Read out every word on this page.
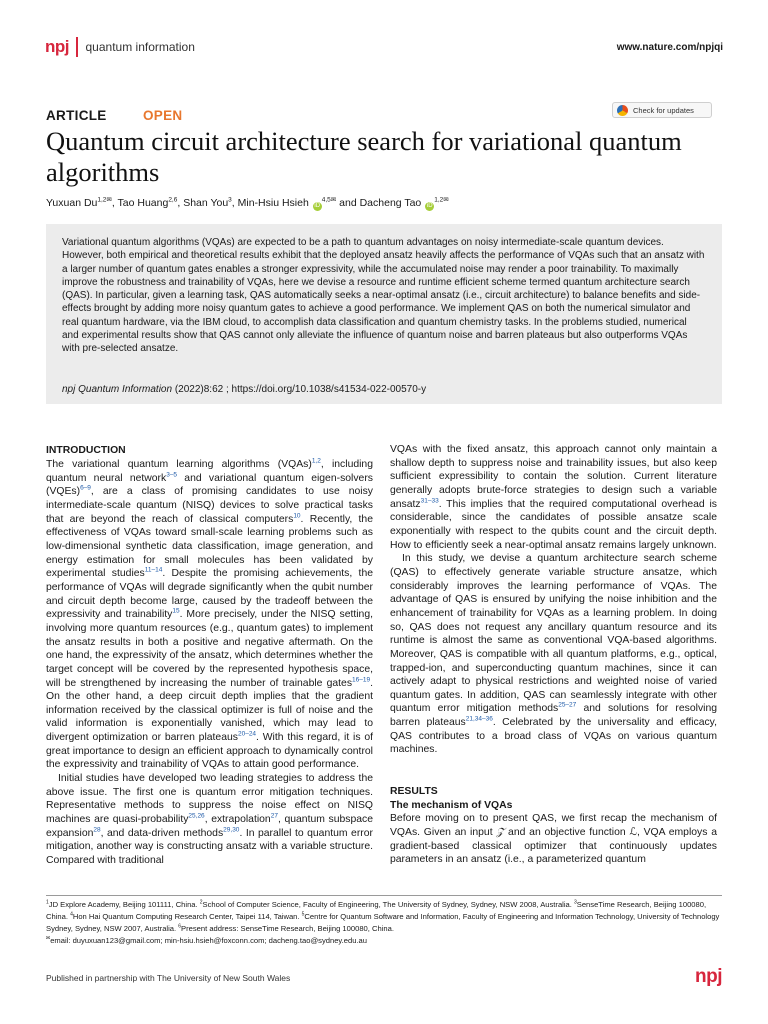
npj quantum information	www.nature.com/npjqi
ARTICLE	OPEN	Check for updates
Quantum circuit architecture search for variational quantum algorithms
Yuxuan $Du^{1,2✉}$, Tao Huang$^{2,6}$, Shan You$^3$, Min-Hsiu Hsieh $iD^{4,5✉}$ and Dacheng Tao $iD^{1,2✉}$
Variational quantum algorithms (VQAs) are expected to be a path to quantum advantages on noisy intermediate-scale quantum devices. However, both empirical and theoretical results exhibit that the deployed ansatz heavily affects the performance of VQAs such that an ansatz with a larger number of quantum gates enables a stronger expressivity, while the accumulated noise may render a poor trainability. To maximally improve the robustness and trainability of VQAs, here we devise a resource and runtime efficient scheme termed quantum architecture search (QAS). In particular, given a learning task, QAS automatically seeks a near-optimal ansatz (i.e., circuit architecture) to balance benefits and side-effects brought by adding more noisy quantum gates to achieve a good performance. We implement QAS on both the numerical simulator and real quantum hardware, via the IBM cloud, to accomplish data classification and quantum chemistry tasks. In the problems studied, numerical and experimental results show that QAS cannot only alleviate the influence of quantum noise and barren plateaus but also outperforms VQAs with pre-selected ansatze.
npj Quantum Information (2022)8:62 ; https://doi.org/10.1038/s41534-022-00570-y
INTRODUCTION

The variational quantum learning algorithms (VQAs)$^{1,2}$, including quantum neural network$^{3-5}$ and variational quantum eigen-solvers (VQEs)$^{6-9}$, are a class of promising candidates to use noisy intermediate-scale quantum (NISQ) devices to solve practical tasks that are beyond the reach of classical computers$^{10}$. Recently, the effectiveness of VQAs toward small-scale learning problems such as low-dimensional synthetic data classification, image generation, and energy estimation for small molecules has been validated by experimental studies$^{11-14}$. Despite the promising achievements, the performance of VQAs will degrade significantly when the qubit number and circuit depth become large, caused by the tradeoff between the expressivity and trainability$^{15}$. More precisely, under the NISQ setting, involving more quantum resources (e.g., quantum gates) to implement the ansatz results in both a positive and negative aftermath. On the one hand, the expressivity of the ansatz, which determines whether the target concept will be covered by the represented hypothesis space, will be strengthened by increasing the number of trainable gates$^{16-19}$. On the other hand, a deep circuit depth implies that the gradient information received by the classical optimizer is full of noise and the valid information is exponentially vanished, which may lead to divergent optimization or barren plateaus$^{20-24}$. With this regard, it is of great importance to design an efficient approach to dynamically control the expressivity and trainability of VQAs to attain good performance.

Initial studies have developed two leading strategies to address the above issue. The first one is quantum error mitigation techniques. Representative methods to suppress the noise effect on NISQ machines are quasi-probability$^{25,26}$, extrapolation$^{27}$, quantum subspace expansion$^{28}$, and data-driven methods$^{29,30}$. In parallel to quantum error mitigation, another way is constructing ansatz with a variable structure. Compared with traditional

VQAs with the fixed ansatz, this approach cannot only maintain a shallow depth to suppress noise and trainability issues, but also keep sufficient expressibility to contain the solution. Current literature generally adopts brute-force strategies to design such a variable ansatz$^{31-33}$. This implies that the required computational overhead is considerable, since the candidates of possible ansatze scale exponentially with respect to the qubits count and the circuit depth. How to efficiently seek a near-optimal ansatz remains largely unknown.

In this study, we devise a quantum architecture search scheme (QAS) to effectively generate variable structure ansatze, which considerably improves the learning performance of VQAs. The advantage of QAS is ensured by unifying the noise inhibition and the enhancement of trainability for VQAs as a learning problem. In doing so, QAS does not request any ancillary quantum resource and its runtime is almost the same as conventional VQA-based algorithms. Moreover, QAS is compatible with all quantum platforms, e.g., optical, trapped-ion, and superconducting quantum machines, since it can actively adapt to physical restrictions and weighted noise of varied quantum gates. In addition, QAS can seamlessly integrate with other quantum error mitigation methods$^{25-27}$ and solutions for resolving barren plateaus$^{21,34-36}$. Celebrated by the universality and efficacy, QAS contributes to a broad class of VQAs on various quantum machines.

RESULTS

The mechanism of VQAs

Before moving on to present QAS, we first recap the mechanism of VQAs. Given an input 𝒵 and an objective function ℒ, VQA employs a gradient-based classical optimizer that continuously updates parameters in an ansatz (i.e., a parameterized quantum

$^1$JD Explore Academy, Beijing 101111, China. $^2$School of Computer Science, Faculty of Engineering, The University of Sydney, Sydney, NSW 2008, Australia. $^3$SenseTime Research, Beijing 100080, China. $^4$Hon Hai Quantum Computing Research Center, Taipei 114, Taiwan. $^5$Centre for Quantum Software and Information, Faculty of Engineering and Information Technology, University of Technology Sydney, Sydney, NSW 2007, Australia. $^6$Present address: SenseTime Research, Beijing 100080, China.
✉email: duyuxuan123@gmail.com; min-hsiu.hsieh@foxconn.com; dacheng.tao@sydney.edu.au
Published in partnership with The University of New South Wales	npj
